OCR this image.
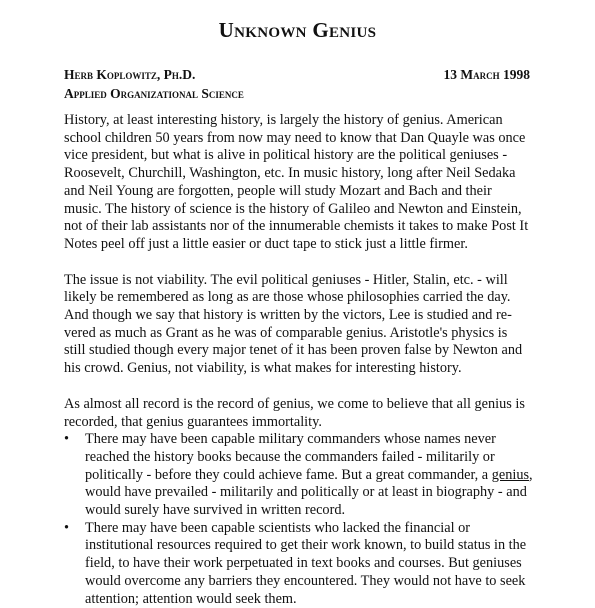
Unknown Genius
Herb Koplowitz, Ph.D.	13 March 1998
Applied Organizational Science
History, at least interesting history, is largely the history of genius. American
school children 50 years from now may need to know that Dan Quayle was once
vice president, but what is alive in political history are the political geniuses -
Roosevelt, Churchill, Washington, etc. In music history, long after Neil Sedaka
and Neil Young are forgotten, people will study Mozart and Bach and their
music. The history of science is the history of Galileo and Newton and Einstein,
not of their lab assistants nor of the innumerable chemists it takes to make Post It
Notes peel off just a little easier or duct tape to stick just a little firmer.
The issue is not viability. The evil political geniuses - Hitler, Stalin, etc. - will
likely be remembered as long as are those whose philosophies carried the day.
And though we say that history is written by the victors, Lee is studied and re-
vered as much as Grant as he was of comparable genius. Aristotle's physics is
still studied though every major tenet of it has been proven false by Newton and
his crowd. Genius, not viability, is what makes for interesting history.
As almost all record is the record of genius, we come to believe that all genius is
recorded, that genius guarantees immortality.
• There may have been capable military commanders whose names never
reached the history books because the commanders failed - militarily or
politically - before they could achieve fame. But a great commander, a genius,
would have prevailed - militarily and politically or at least in biography - and
would surely have survived in written record.
• There may have been capable scientists who lacked the financial or
institutional resources required to get their work known, to build status in the
field, to have their work perpetuated in text books and courses. But geniuses
would overcome any barriers they encountered. They would not have to seek
attention; attention would seek them.
